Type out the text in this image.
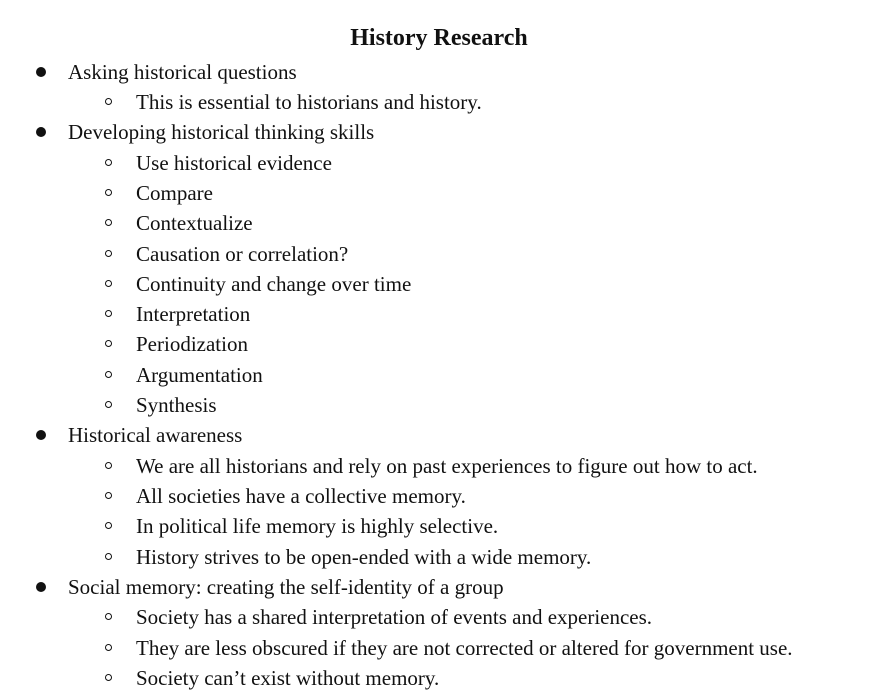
History Research
Asking historical questions
This is essential to historians and history.
Developing historical thinking skills
Use historical evidence
Compare
Contextualize
Causation or correlation?
Continuity and change over time
Interpretation
Periodization
Argumentation
Synthesis
Historical awareness
We are all historians and rely on past experiences to figure out how to act.
All societies have a collective memory.
In political life memory is highly selective.
History strives to be open-ended with a wide memory.
Social memory: creating the self-identity of a group
Society has a shared interpretation of events and experiences.
They are less obscured if they are not corrected or altered for government use.
Society can’t exist without memory.
